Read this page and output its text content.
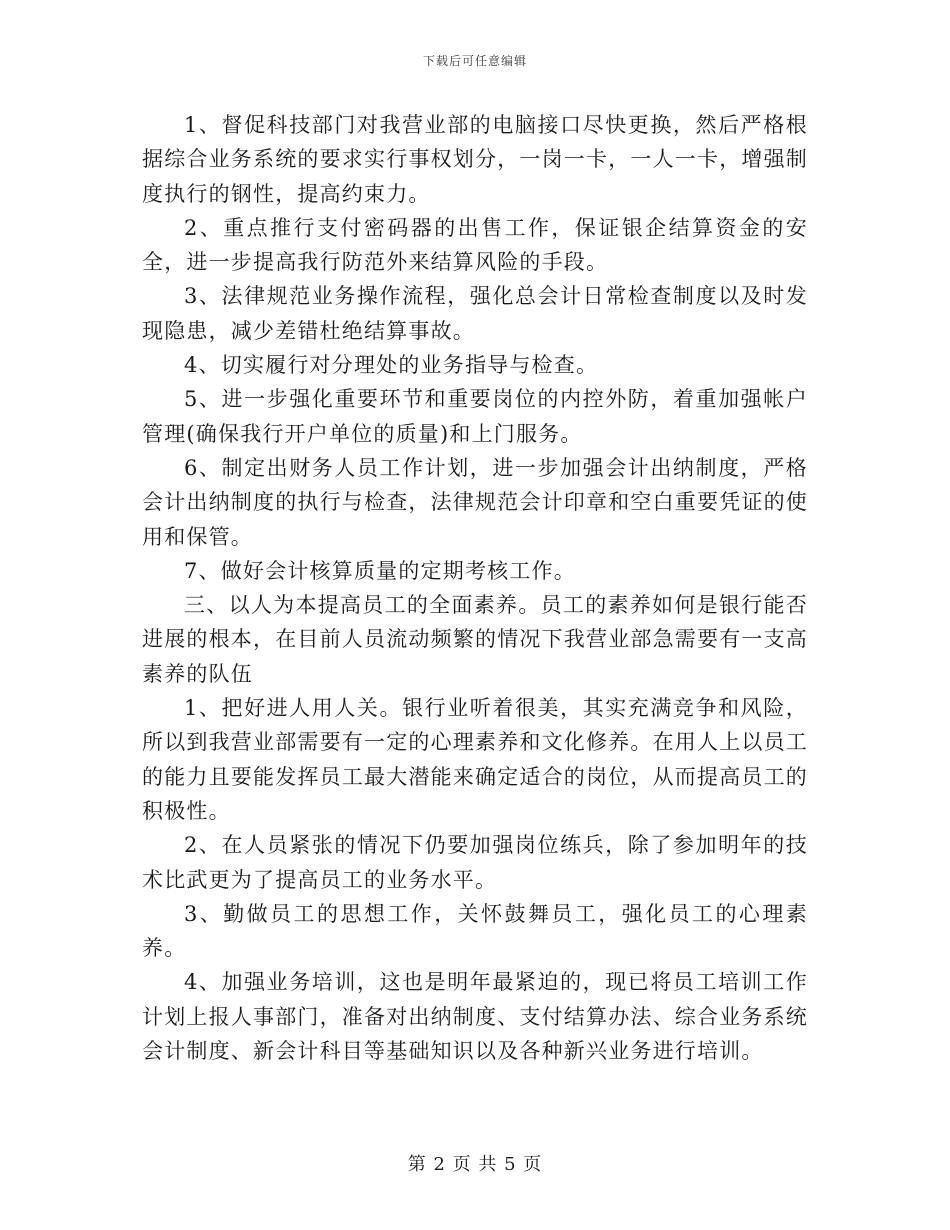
下载后可任意编辑

1、督促科技部门对我营业部的电脑接口尽快更换，然后严格根据综合业务系统的要求实行事权划分，一岗一卡，一人一卡，增强制度执行的钢性，提高约束力。

2、重点推行支付密码器的出售工作，保证银企结算资金的安全，进一步提高我行防范外来结算风险的手段。

3、法律规范业务操作流程，强化总会计日常检查制度以及时发现隐患，减少差错杜绝结算事故。

4、切实履行对分理处的业务指导与检查。

5、进一步强化重要环节和重要岗位的内控外防，着重加强帐户管理(确保我行开户单位的质量)和上门服务。

6、制定出财务人员工作计划，进一步加强会计出纳制度，严格会计出纳制度的执行与检查，法律规范会计印章和空白重要凭证的使用和保管。

7、做好会计核算质量的定期考核工作。

三、以人为本提高员工的全面素养。员工的素养如何是银行能否进展的根本，在目前人员流动频繁的情况下我营业部急需要有一支高素养的队伍

1、把好进人用人关。银行业听着很美，其实充满竞争和风险，所以到我营业部需要有一定的心理素养和文化修养。在用人上以员工的能力且要能发挥员工最大潜能来确定适合的岗位，从而提高员工的积极性。

2、在人员紧张的情况下仍要加强岗位练兵，除了参加明年的技术比武更为了提高员工的业务水平。

3、勤做员工的思想工作，关怀鼓舞员工，强化员工的心理素养。

4、加强业务培训，这也是明年最紧迫的，现已将员工培训工作计划上报人事部门，准备对出纳制度、支付结算办法、综合业务系统会计制度、新会计科目等基础知识以及各种新兴业务进行培训。

第 2 页 共 5 页
